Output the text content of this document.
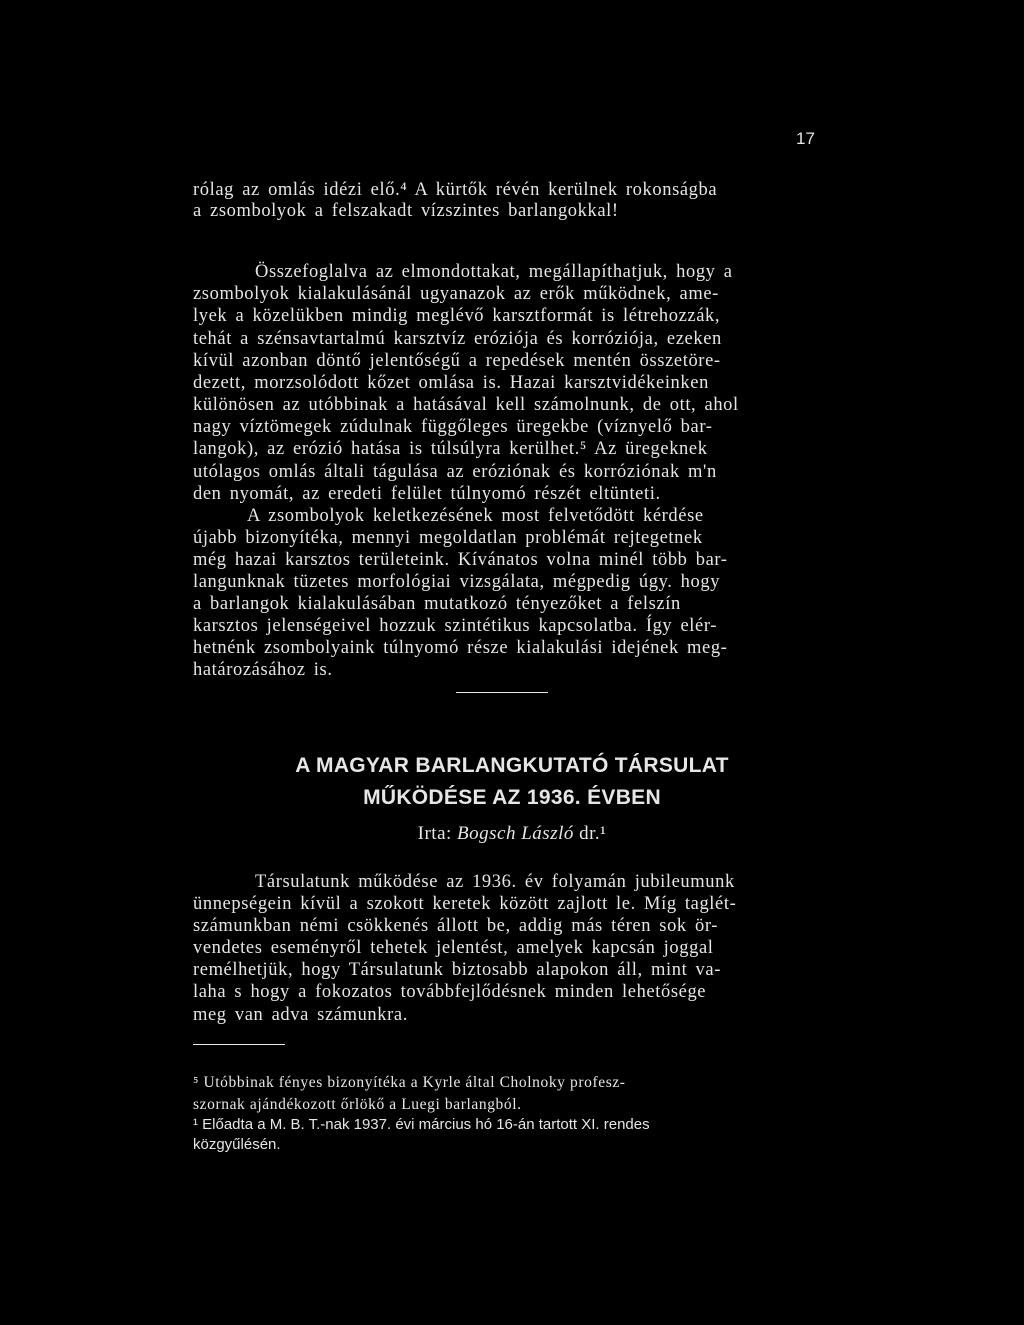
17
rólag az omlás idézi elő.⁴ A kürtők révén kerülnek rokonságba
a zsombolyok a felszakadt vízszintes barlangokkal!
Összefoglalva az elmondottakat, megállapíthatjuk, hogy a
zsombolyok kialakulásánál ugyanazok az erők működnek, ame-
lyek a közelükben mindig meglévő karsztformát is létrehozzák,
tehát a szénsavtartalmú karsztvíz eróziója és korróziója, ezeken
kívül azonban döntő jelentőségű a repedések mentén összetöre-
dezett, morzsolódott kőzet omlása is. Hazai karsztvidékeinken
különösen az utóbbinak a hatásával kell számolnunk, de ott, ahol
nagy víztömegek zúdulnak függőleges üregekbe (víznyelő bar-
langok), az erózió hatása is túlsúlyra kerülhet.⁵ Az üregeknek
utólagos omlás általi tágulása az eróziónak és korróziónak m'n
den nyomát, az eredeti felület túlnyomó részét eltünteti.
A zsombolyok keletkezésének most felvetődött kérdése
újabb bizonyítéka, mennyi megoldatlan problémát rejtegetnek
még hazai karsztos területeink. Kívánatos volna minél több bar-
langunknak tüzetes morfológiai vizsgálata, mégpedig úgy. hogy
a barlangok kialakulásában mutatkozó tényezőket a felszín
karsztos jelenségeivel hozzuk szintétikus kapcsolatba. Így elér-
hetnénk zsombolyaink túlnyomó része kialakulási idejének meg-
határozásához is.
A MAGYAR BARLANGKUTATÓ TÁRSULAT
MŰKÖDÉSE AZ 1936. ÉVBEN
Irta: Bogsch László dr.¹
Társulatunk működése az 1936. év folyamán jubileumunk
ünnepségein kívül a szokott keretek között zajlott le. Míg taglét-
számunkban némi csökkenés állott be, addig más téren sok ör-
vendetes eseményről tehetek jelentést, amelyek kapcsán joggal
remélhetjük, hogy Társulatunk biztosabb alapokon áll, mint va-
laha s hogy a fokozatos továbbfejlődésnek minden lehetősége
meg van adva számunkra.
⁵ Utóbbinak fényes bizonyítéka a Kyrle által Cholnoky profesz-
szornak ajándékozott őrlökő a Luegi barlangból.
¹ Előadta a M. B. T.-nak 1937. évi március hó 16-án tartott XI. rendes
közgyűlésén.
